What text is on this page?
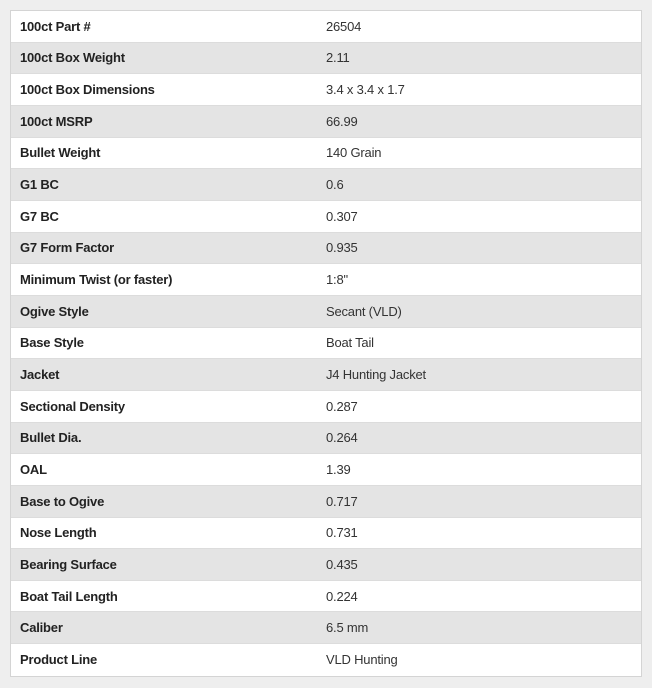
100ct Part #	26504
100ct Box Weight	2.11
100ct Box Dimensions	3.4 x 3.4 x 1.7
100ct MSRP	66.99
Bullet Weight	140 Grain
G1 BC	0.6
G7 BC	0.307
G7 Form Factor	0.935
Minimum Twist (or faster)	1:8"
Ogive Style	Secant (VLD)
Base Style	Boat Tail
Jacket	J4 Hunting Jacket
Sectional Density	0.287
Bullet Dia.	0.264
OAL	1.39
Base to Ogive	0.717
Nose Length	0.731
Bearing Surface	0.435
Boat Tail Length	0.224
Caliber	6.5 mm
Product Line	VLD Hunting
